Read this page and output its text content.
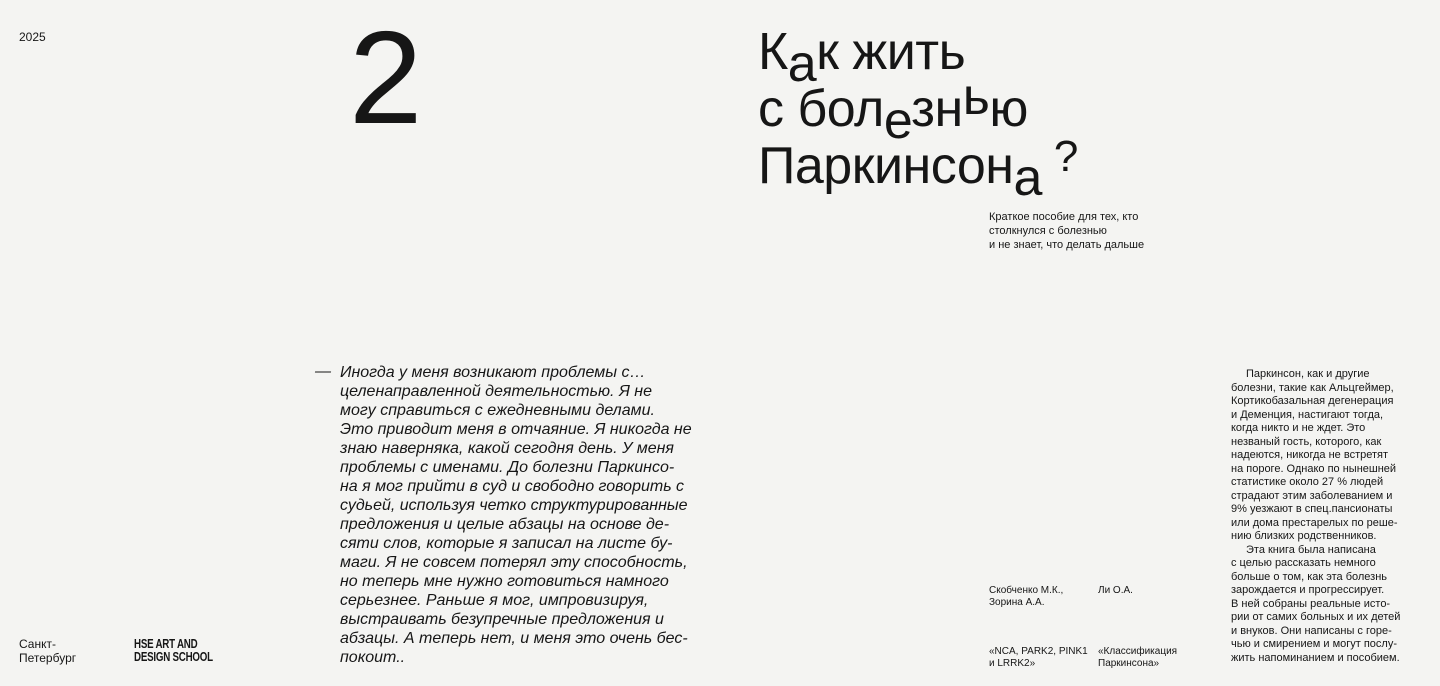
2025 2	Как жить
с болезнью
Паркинсона ?
Краткое пособие для тех, кто
столкнулся с болезнью
и не знает, что делать дальше
— Иногда у меня возникают проблемы с…
целенаправленной деятельностью. Я не
могу справиться с ежедневными делами.
Это приводит меня в отчаяние. Я никогда не
знаю наверняка, какой сегодня день. У меня
проблемы с именами. До болезни Паркинсо-
на я мог прийти в суд и свободно говорить с
судьей, используя четко структурированные
предложения и целые абзацы на основе де-
сяти слов, которые я записал на листе бу-
маги. Я не совсем потерял эту способность,
но теперь мне нужно готовиться намного
серьезнее. Раньше я мог, импровизируя,
выстраивать безупречные предложения и
абзацы. А теперь нет, и меня это очень бес-
покоит..
Санкт-
Петербург
HSE ART AND
DESIGN SCHOOL
Скобченко М.К.,
Зорина А.А.
Ли О.А.
«NCA, PARK2, PINK1
и LRRK2»
«Классификация
Паркинсона»
Паркинсон, как и другие
болезни, такие как Альцгеймер,
Кортикобазальная дегенерация
и Деменция, настигают тогда,
когда никто и не ждет. Это
незваный гость, которого, как
надеются, никогда не встретят
на пороге. Однако по нынешней
статистике около 27 % людей
страдают этим заболеванием и
9% уезжают в спец.пансионаты
или дома престарелых по реше-
нию близких родственников.
Эта книга была написана
с целью рассказать немного
больше о том, как эта болезнь
зарождается и прогрессирует.
В ней собраны реальные исто-
рии от самих больных и их детей
и внуков. Они написаны с горе-
чью и смирением и могут послу-
жить напоминанием и пособием.
